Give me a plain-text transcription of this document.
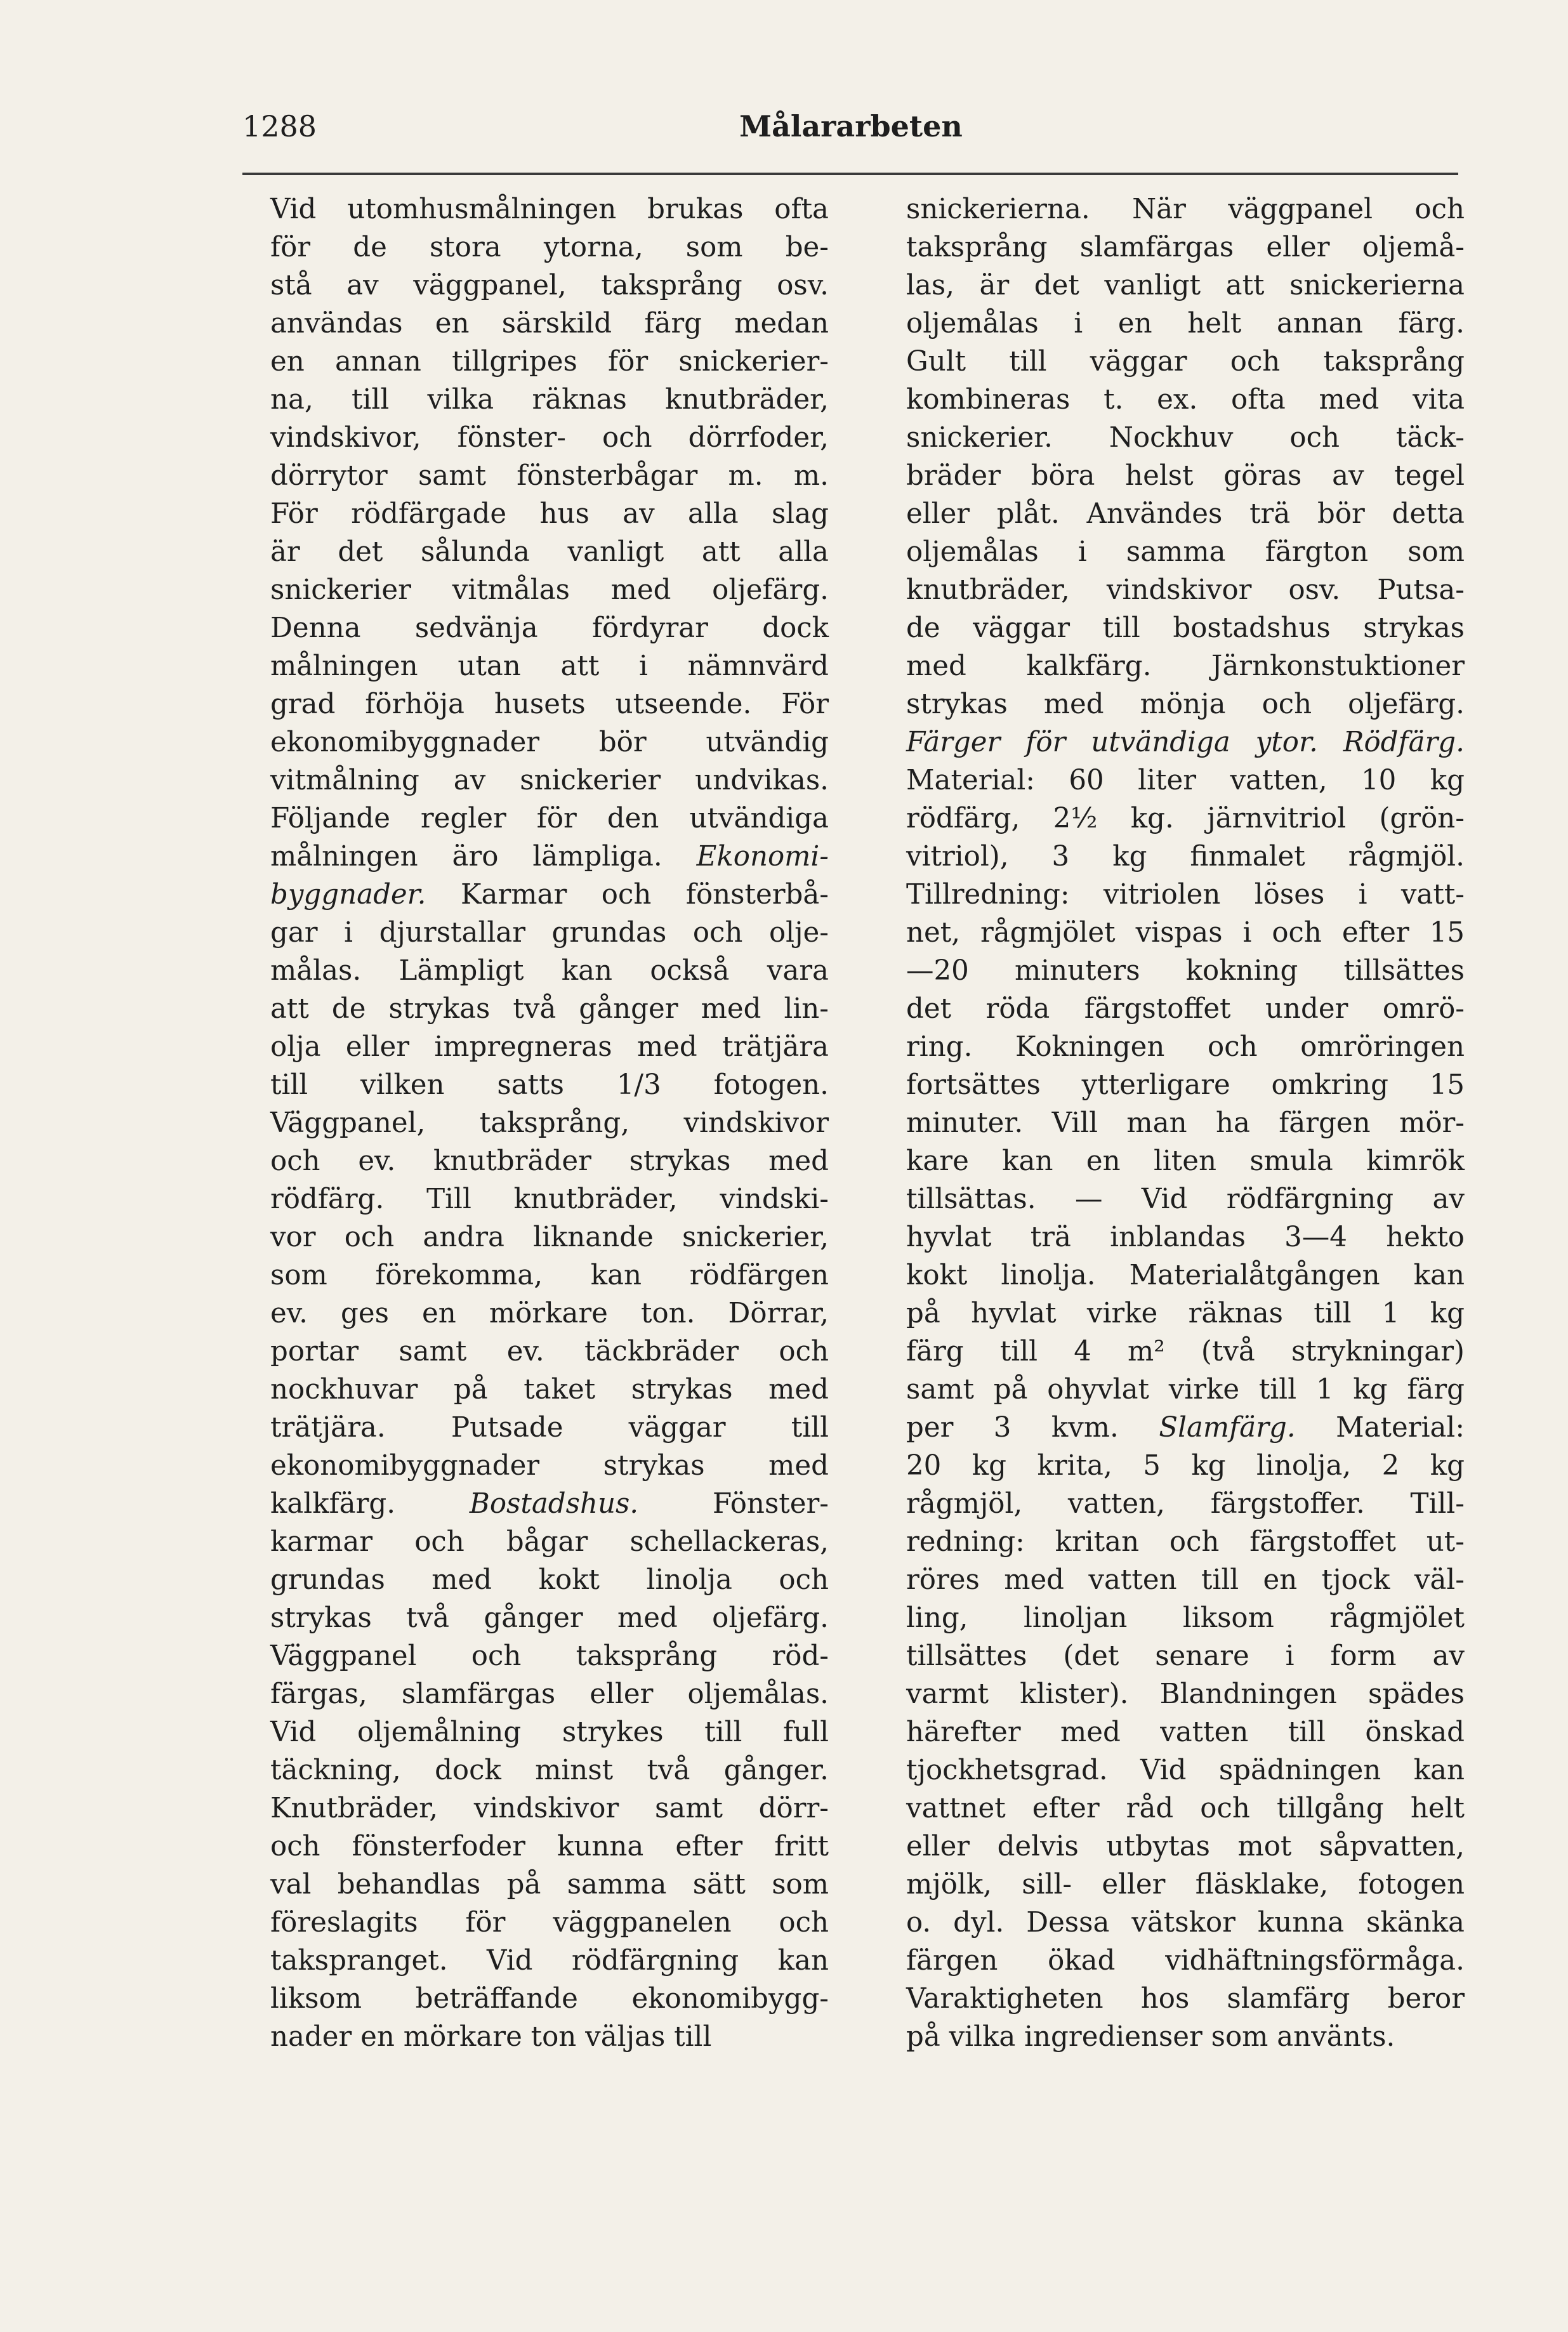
1288	Målararbeten
Vid utomhusmålningen brukas ofta
för de stora ytorna, som be-
stå av väggpanel, taksprång osv.
användas en särskild färg medan
en annan tillgripes för snickerier-
na, till vilka räknas knutbräder,
vindskivor, fönster- och dörrfoder,
dörrytor samt fönsterbågar m. m.
För rödfärgade hus av alla slag
är det sålunda vanligt att alla
snickerier vitmålas med oljefärg.
Denna sedvänja fördyrar dock
målningen utan att i nämnvärd
grad förhöja husets utseende. För
ekonomibyggnader bör utvändig
vitmålning av snickerier undvikas.
Följande regler för den utvändiga
målningen äro lämpliga. Ekonomi-
byggnader. Karmar och fönsterbå-
gar i djurstallar grundas och olje-
målas. Lämpligt kan också vara
att de strykas två gånger med lin-
olja eller impregneras med trätjära
till vilken satts 1/3 fotogen.
Väggpanel, taksprång, vindskivor
och ev. knutbräder strykas med
rödfärg. Till knutbräder, vindski-
vor och andra liknande snickerier,
som förekomma, kan rödfärgen
ev. ges en mörkare ton. Dörrar,
portar samt ev. täckbräder och
nockhuvar på taket strykas med
trätjära. Putsade väggar till
ekonomibyggnader strykas med
kalkfärg.	Bostadshus. Fönster-
karmar och bågar schellackeras,
grundas med kokt linolja och
strykas två gånger med oljefärg.
Väggpanel och taksprång röd-
färgas, slamfärgas eller oljemålas.
Vid oljemålning strykes till full
täckning, dock minst två gånger.
Knutbräder, vindskivor samt dörr-
och fönsterfoder kunna efter fritt
val behandlas på samma sätt som
föreslagits för väggpanelen och
takspranget. Vid rödfärgning kan
liksom beträffande ekonomibygg-
nader en mörkare ton väljas till
snickerierna. När väggpanel och
taksprång slamfärgas eller oljemå-
las, är det vanligt att snickerierna
oljemålas i en helt annan färg.
Gult till väggar och taksprång
kombineras t. ex. ofta med vita
snickerier. Nockhuv och täck-
bräder böra helst göras av tegel
eller plåt. Användes trä bör detta
oljemålas i samma färgton som
knutbräder, vindskivor osv. Putsa-
de väggar till bostadshus strykas
med kalkfärg. Järnkonstuktioner
strykas med mönja och oljefärg.
Färger för utvändiga ytor. Rödfärg.
Material: 60 liter vatten, 10 kg
rödfärg, 2½ kg. järnvitriol (grön-
vitriol), 3 kg finmalet rågmjöl.
Tillredning: vitriolen löses i vatt-
net, rågmjölet vispas i och efter 15
—20 minuters kokning tillsättes
det röda färgstoffet under omrö-
ring. Kokningen och omröringen
fortsättes ytterligare omkring 15
minuter. Vill man ha färgen mör-
kare kan en liten smula kimrök
tillsättas. — Vid rödfärgning av
hyvlat trä inblandas 3—4 hekto
kokt linolja. Materialåtgången kan
på hyvlat virke räknas till 1 kg
färg till 4 m² (två strykningar)
samt på ohyvlat virke till 1 kg färg
per 3 kvm. Slamfärg. Material:
20 kg krita, 5 kg linolja, 2 kg
rågmjöl, vatten, färgstoffer. Till-
redning: kritan och färgstoffet ut-
röres med vatten till en tjock väl-
ling, linoljan liksom rågmjölet
tillsättes (det senare i form av
varmt klister). Blandningen spädes
härefter med vatten till önskad
tjockhetsgrad. Vid spädningen kan
vattnet efter råd och tillgång helt
eller delvis utbytas mot såpvatten,
mjölk, sill- eller fläsklake, fotogen
o. dyl. Dessa vätskor kunna skänka
färgen ökad vidhäftningsförmåga.
Varaktigheten hos slamfärg beror
på vilka ingredienser som använts.
